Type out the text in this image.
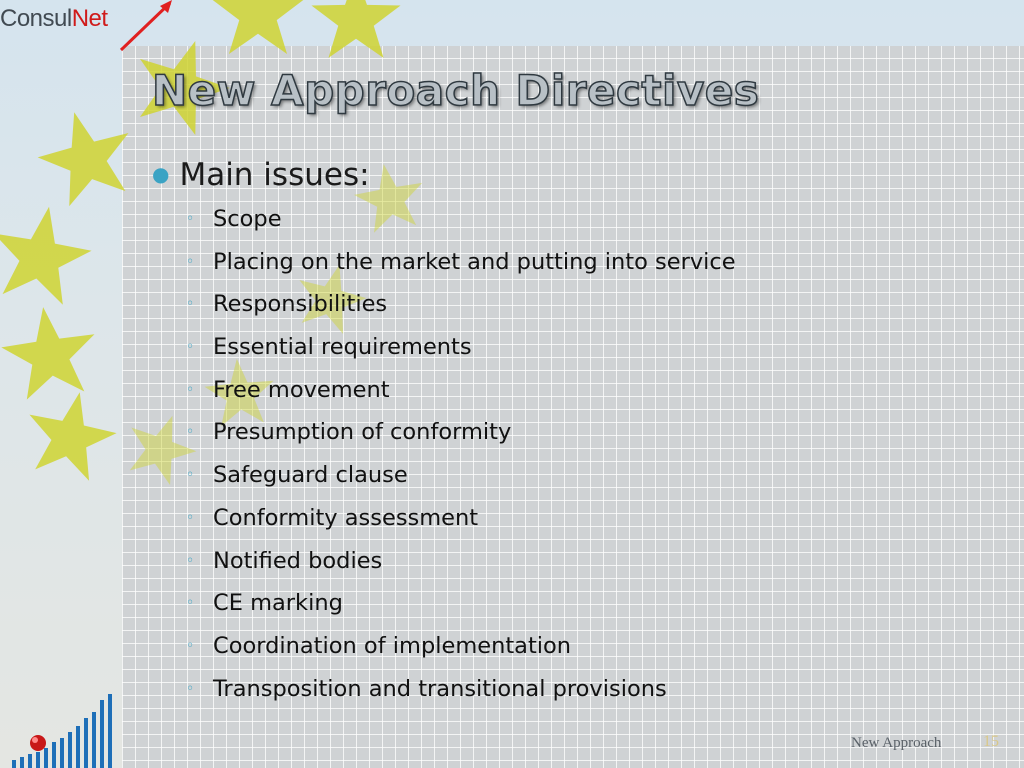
ConsulNet
New Approach Directives
● Main issues:
◦ Scope
◦ Placing on the market and putting into service
◦ Responsibilities
◦ Essential requirements
◦ Free movement
◦ Presumption of conformity
◦ Safeguard clause
◦ Conformity assessment
◦ Notified bodies
◦ CE marking
◦ Coordination of implementation
◦ Transposition and transitional provisions
New Approach	15
